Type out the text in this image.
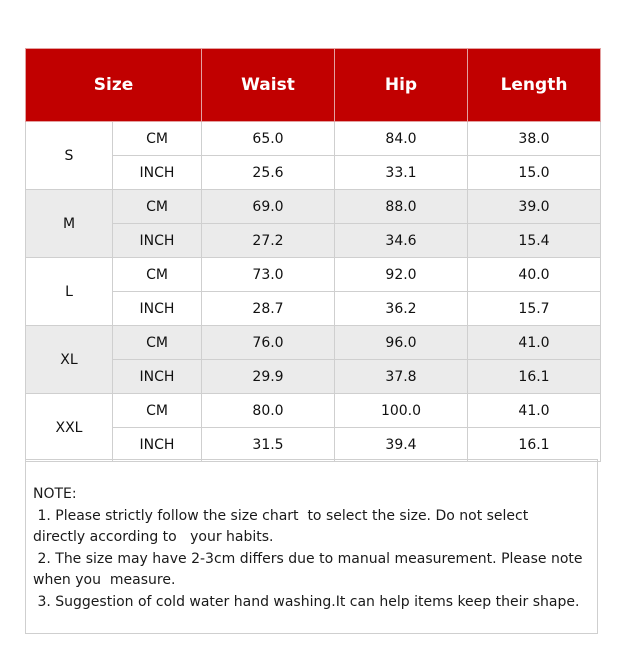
Size		Waist	Hip	Length
S	CM	65.0	84.0	38.0
	INCH	25.6	33.1	15.0
M	CM	69.0	88.0	39.0
	INCH	27.2	34.6	15.4
L	CM	73.0	92.0	40.0
	INCH	28.7	36.2	15.7
XL	CM	76.0	96.0	41.0
	INCH	29.9	37.8	16.1
XXL	CM	80.0	100.0	41.0
	INCH	31.5	39.4	16.1

NOTE:

1. Please strictly follow the size chart  to select the size. Do not select

directly according to   your habits.

2. The size may have 2-3cm differs due to manual measurement. Please note

when you  measure.

3. Suggestion of cold water hand washing.It can help items keep their shape.
